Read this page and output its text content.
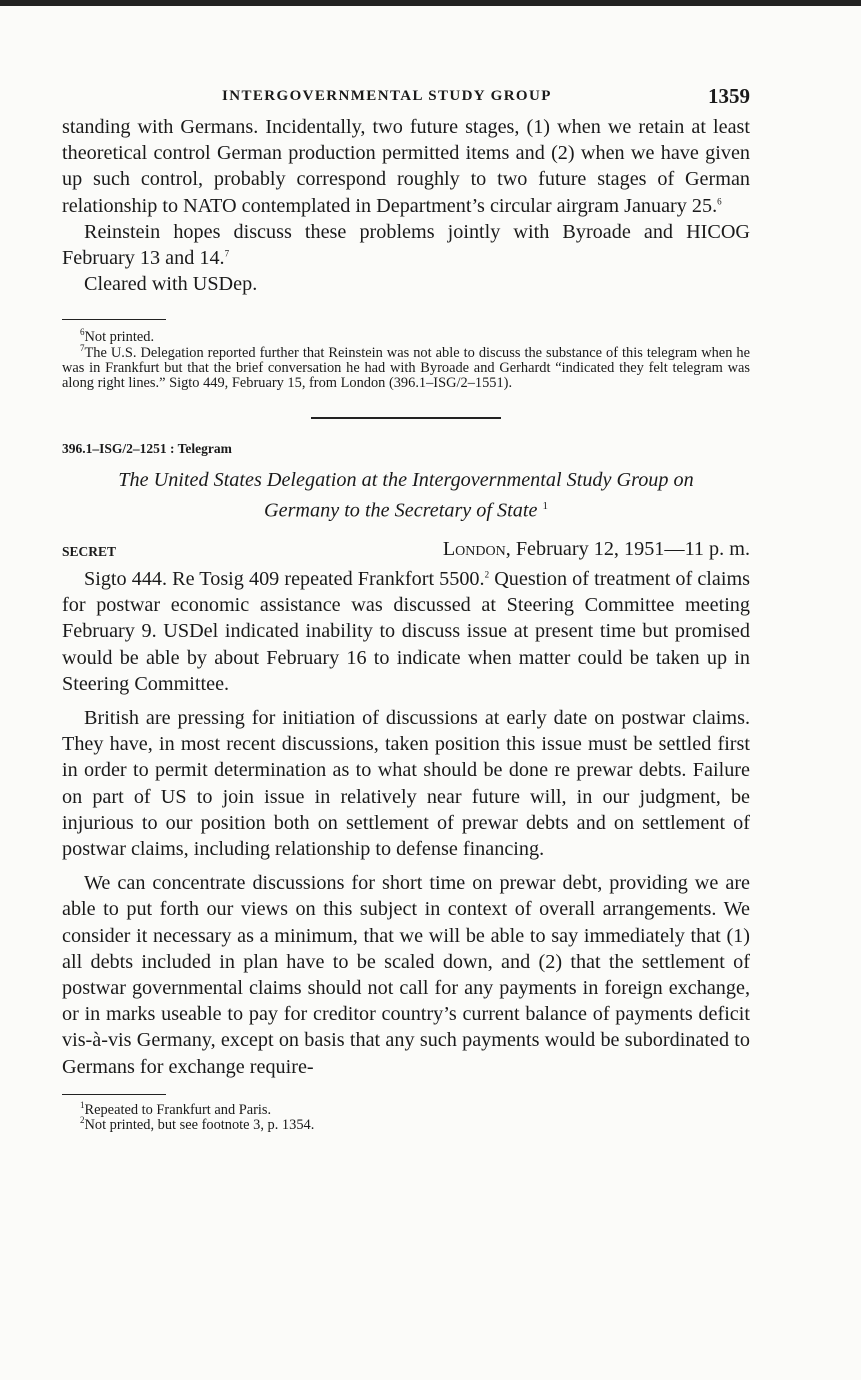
INTERGOVERNMENTAL STUDY GROUP	1359

standing with Germans. Incidentally, two future stages, (1) when we retain at least theoretical control German production permitted items and (2) when we have given up such control, probably correspond roughly to two future stages of German relationship to NATO contemplated in Department’s circular airgram January 25.$^6$

Reinstein hopes discuss these problems jointly with Byroade and HICOG February 13 and 14.$^7$

Cleared with USDep.

$^6$Not printed.

$^7$The U.S. Delegation reported further that Reinstein was not able to discuss the substance of this telegram when he was in Frankfurt but that the brief conversation he had with Byroade and Gerhardt “indicated they felt telegram was along right lines.” Sigto 449, February 15, from London (396.1–ISG/2–1551).

396.1–ISG/2–1251 : Telegram
The United States Delegation at the Intergovernmental Study Group on Germany to the Secretary of State $^1$
SECRET	London, February 12, 1951—11 p. m.

Sigto 444. Re Tosig 409 repeated Frankfort 5500.$^2$ Question of treatment of claims for postwar economic assistance was discussed at Steering Committee meeting February 9. USDel indicated inability to discuss issue at present time but promised would be able by about February 16 to indicate when matter could be taken up in Steering Committee.

British are pressing for initiation of discussions at early date on postwar claims. They have, in most recent discussions, taken position this issue must be settled first in order to permit determination as to what should be done re prewar debts. Failure on part of US to join issue in relatively near future will, in our judgment, be injurious to our position both on settlement of prewar debts and on settlement of postwar claims, including relationship to defense financing.

We can concentrate discussions for short time on prewar debt, providing we are able to put forth our views on this subject in context of overall arrangements. We consider it necessary as a minimum, that we will be able to say immediately that (1) all debts included in plan have to be scaled down, and (2) that the settlement of postwar governmental claims should not call for any payments in foreign exchange, or in marks useable to pay for creditor country’s current balance of payments deficit vis-à-vis Germany, except on basis that any such payments would be subordinated to Germans for exchange require-

$^1$Repeated to Frankfurt and Paris.

$^2$Not printed, but see footnote 3, p. 1354.
